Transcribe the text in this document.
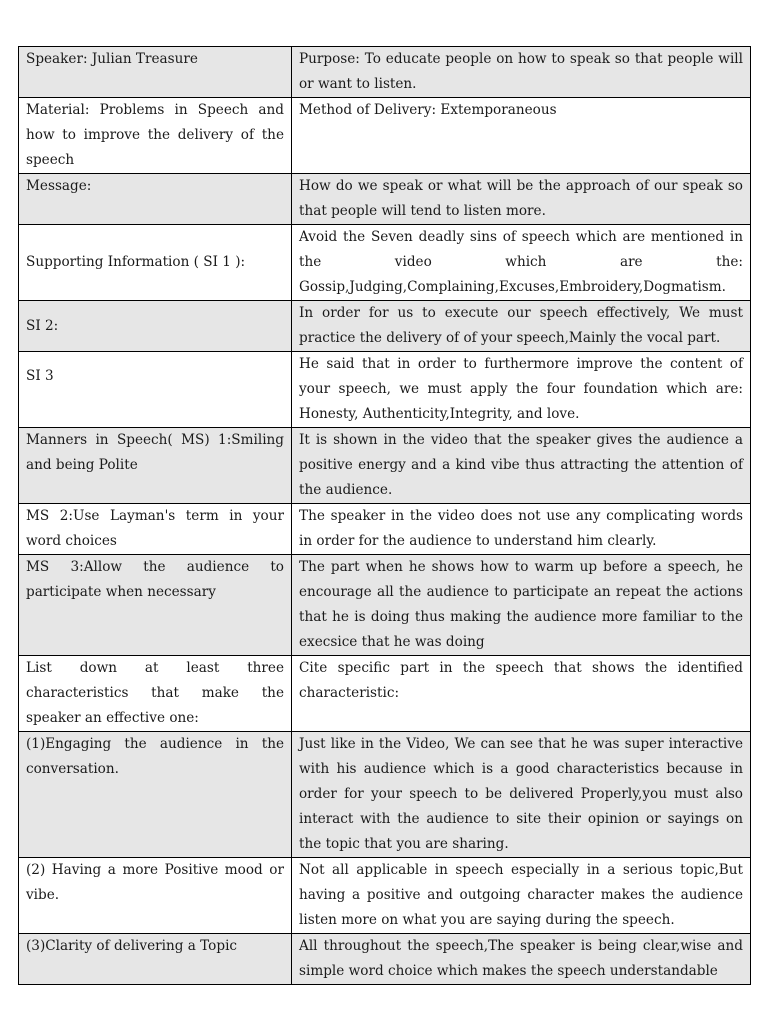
Speaker: Julian Treasure	Purpose: To educate people on how to speak so that people will or want to listen.

Material: Problems in Speech and how to improve the delivery of the speech	Method of Delivery: Extemporaneous

Message:	How do we speak or what will be the approach of our speak so that people will tend to listen more.

Supporting Information ( SI 1 ):	Avoid the Seven deadly sins of speech which are mentioned in the video which are the: Gossip,Judging,Complaining,Excuses,Embroidery,Dogmatism.

SI 2:	In order for us to execute our speech effectively, We must practice the delivery of of your speech,Mainly the vocal part.

SI 3	He said that in order to furthermore improve the content of your speech, we must apply the four foundation which are: Honesty, Authenticity,Integrity, and love.

Manners in Speech( MS) 1:Smiling and being Polite	It is shown in the video that the speaker gives the audience a positive energy and a kind vibe thus attracting the attention of the audience.

MS 2:Use Layman's term in your word choices	The speaker in the video does not use any complicating words in order for the audience to understand him clearly.

MS 3:Allow the audience to participate when necessary	The part when he shows how to warm up before a speech, he encourage all the audience to participate an repeat the actions that he is doing thus making the audience more familiar to the execsice that he was doing

List down at least three characteristics that make the speaker an effective one:	Cite specific part in the speech that shows the identified characteristic:

(1)Engaging the audience in the conversation.	Just like in the Video, We can see that he was super interactive with his audience which is a good characteristics because in order for your speech to be delivered Properly,you must also interact with the audience to site their opinion or sayings on the topic that you are sharing.

(2) Having a more Positive mood or vibe.	Not all applicable in speech especially in a serious topic,But having a positive and outgoing character makes the audience listen more on what you are saying during the speech.

(3)Clarity of delivering a Topic	All throughout the speech,The speaker is being clear,wise and simple word choice which makes the speech understandable
